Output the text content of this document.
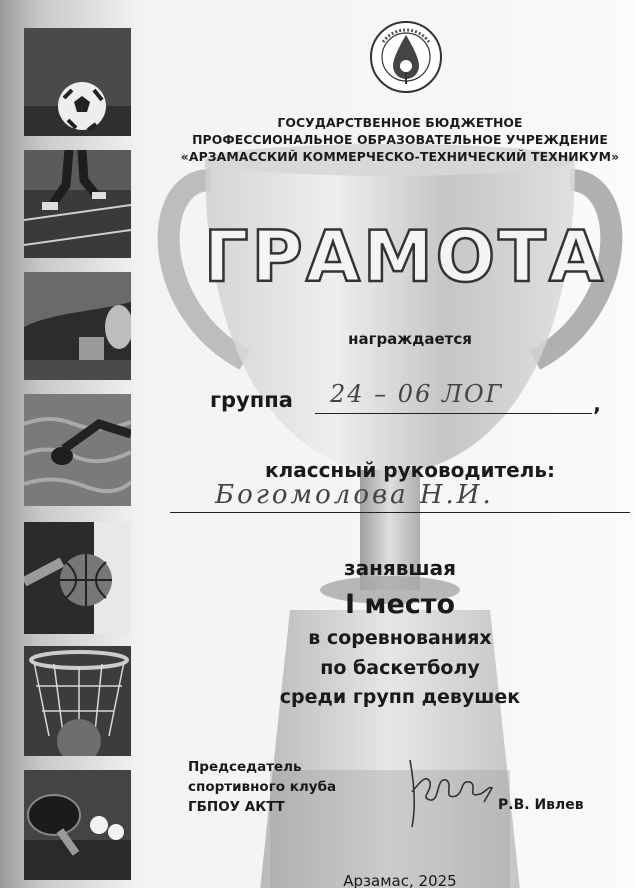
ГОСУДАРСТВЕННОЕ БЮДЖЕТНОЕ
ПРОФЕССИОНАЛЬНОЕ ОБРАЗОВАТЕЛЬНОЕ УЧРЕЖДЕНИЕ
«АРЗАМАССКИЙ КОММЕРЧЕСКО-ТЕХНИЧЕСКИЙ ТЕХНИКУМ»
ГРАМОТА
награждается
группа	24 – 06 ЛОГ	,
классный руководитель:
Богомолова Н.И.
занявшая
I место
в соревнованиях
по баскетболу
среди групп девушек
Председатель
спортивного клуба
ГБПОУ АКТТ	Р.В. Ивлев
Арзамас, 2025
